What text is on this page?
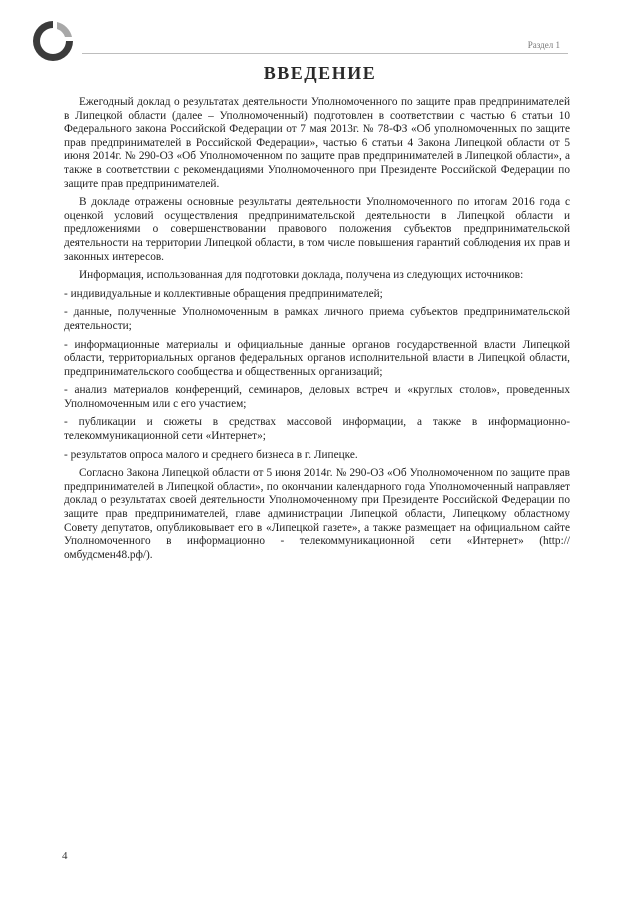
Раздел 1
ВВЕДЕНИЕ

Ежегодный доклад о результатах деятельности Уполномоченного по защите прав предпринимателей в Липецкой области (далее – Уполномоченный) подготовлен в соответствии с частью 6 статьи 10 Федерального закона Российской Федерации от 7 мая 2013г. № 78-ФЗ «Об уполномоченных по защите прав предпринимателей в Российской Федерации», частью 6 статьи 4 Закона Липецкой области от 5 июня 2014г. № 290-ОЗ «Об Уполномоченном по защите прав предпринимателей в Липецкой области», а также в соответствии с рекомендациями Уполномоченного при Президенте Российской Федерации по защите прав предпринимателей.

В докладе отражены основные результаты деятельности Уполномоченного по итогам 2016 года с оценкой условий осуществления предпринимательской деятельности в Липецкой области и предложениями о совершенствовании правового положения субъектов предпринимательской деятельности на территории Липецкой области, в том числе повышения гарантий соблюдения их прав и законных интересов.

Информация, использованная для подготовки доклада, получена из следующих источников:

- индивидуальные и коллективные обращения предпринимателей;

- данные, полученные Уполномоченным в рамках личного приема субъектов предпринимательской деятельности;

- информационные материалы и официальные данные органов государственной власти Липецкой области, территориальных органов федеральных органов исполнительной власти в Липецкой области, предпринимательского сообщества и общественных организаций;

- анализ материалов конференций, семинаров, деловых встреч и «круглых столов», проведенных Уполномоченным или с его участием;

- публикации и сюжеты в средствах массовой информации, а также в информационно-телекоммуникационной сети «Интернет»;

- результатов опроса малого и среднего бизнеса в г. Липецке.

Согласно Закона Липецкой области от 5 июня 2014г. № 290-ОЗ «Об Уполномоченном по защите прав предпринимателей в Липецкой области», по окончании календарного года Уполномоченный направляет доклад о результатах своей деятельности Уполномоченному при Президенте Российской Федерации по защите прав предпринимателей, главе администрации Липецкой области, Липецкому областному Совету депутатов, опубликовывает его в «Липецкой газете», а также размещает на официальном сайте Уполномоченного в информационно - телекоммуникационной сети «Интернет» (http://омбудсмен48.рф/).

4
